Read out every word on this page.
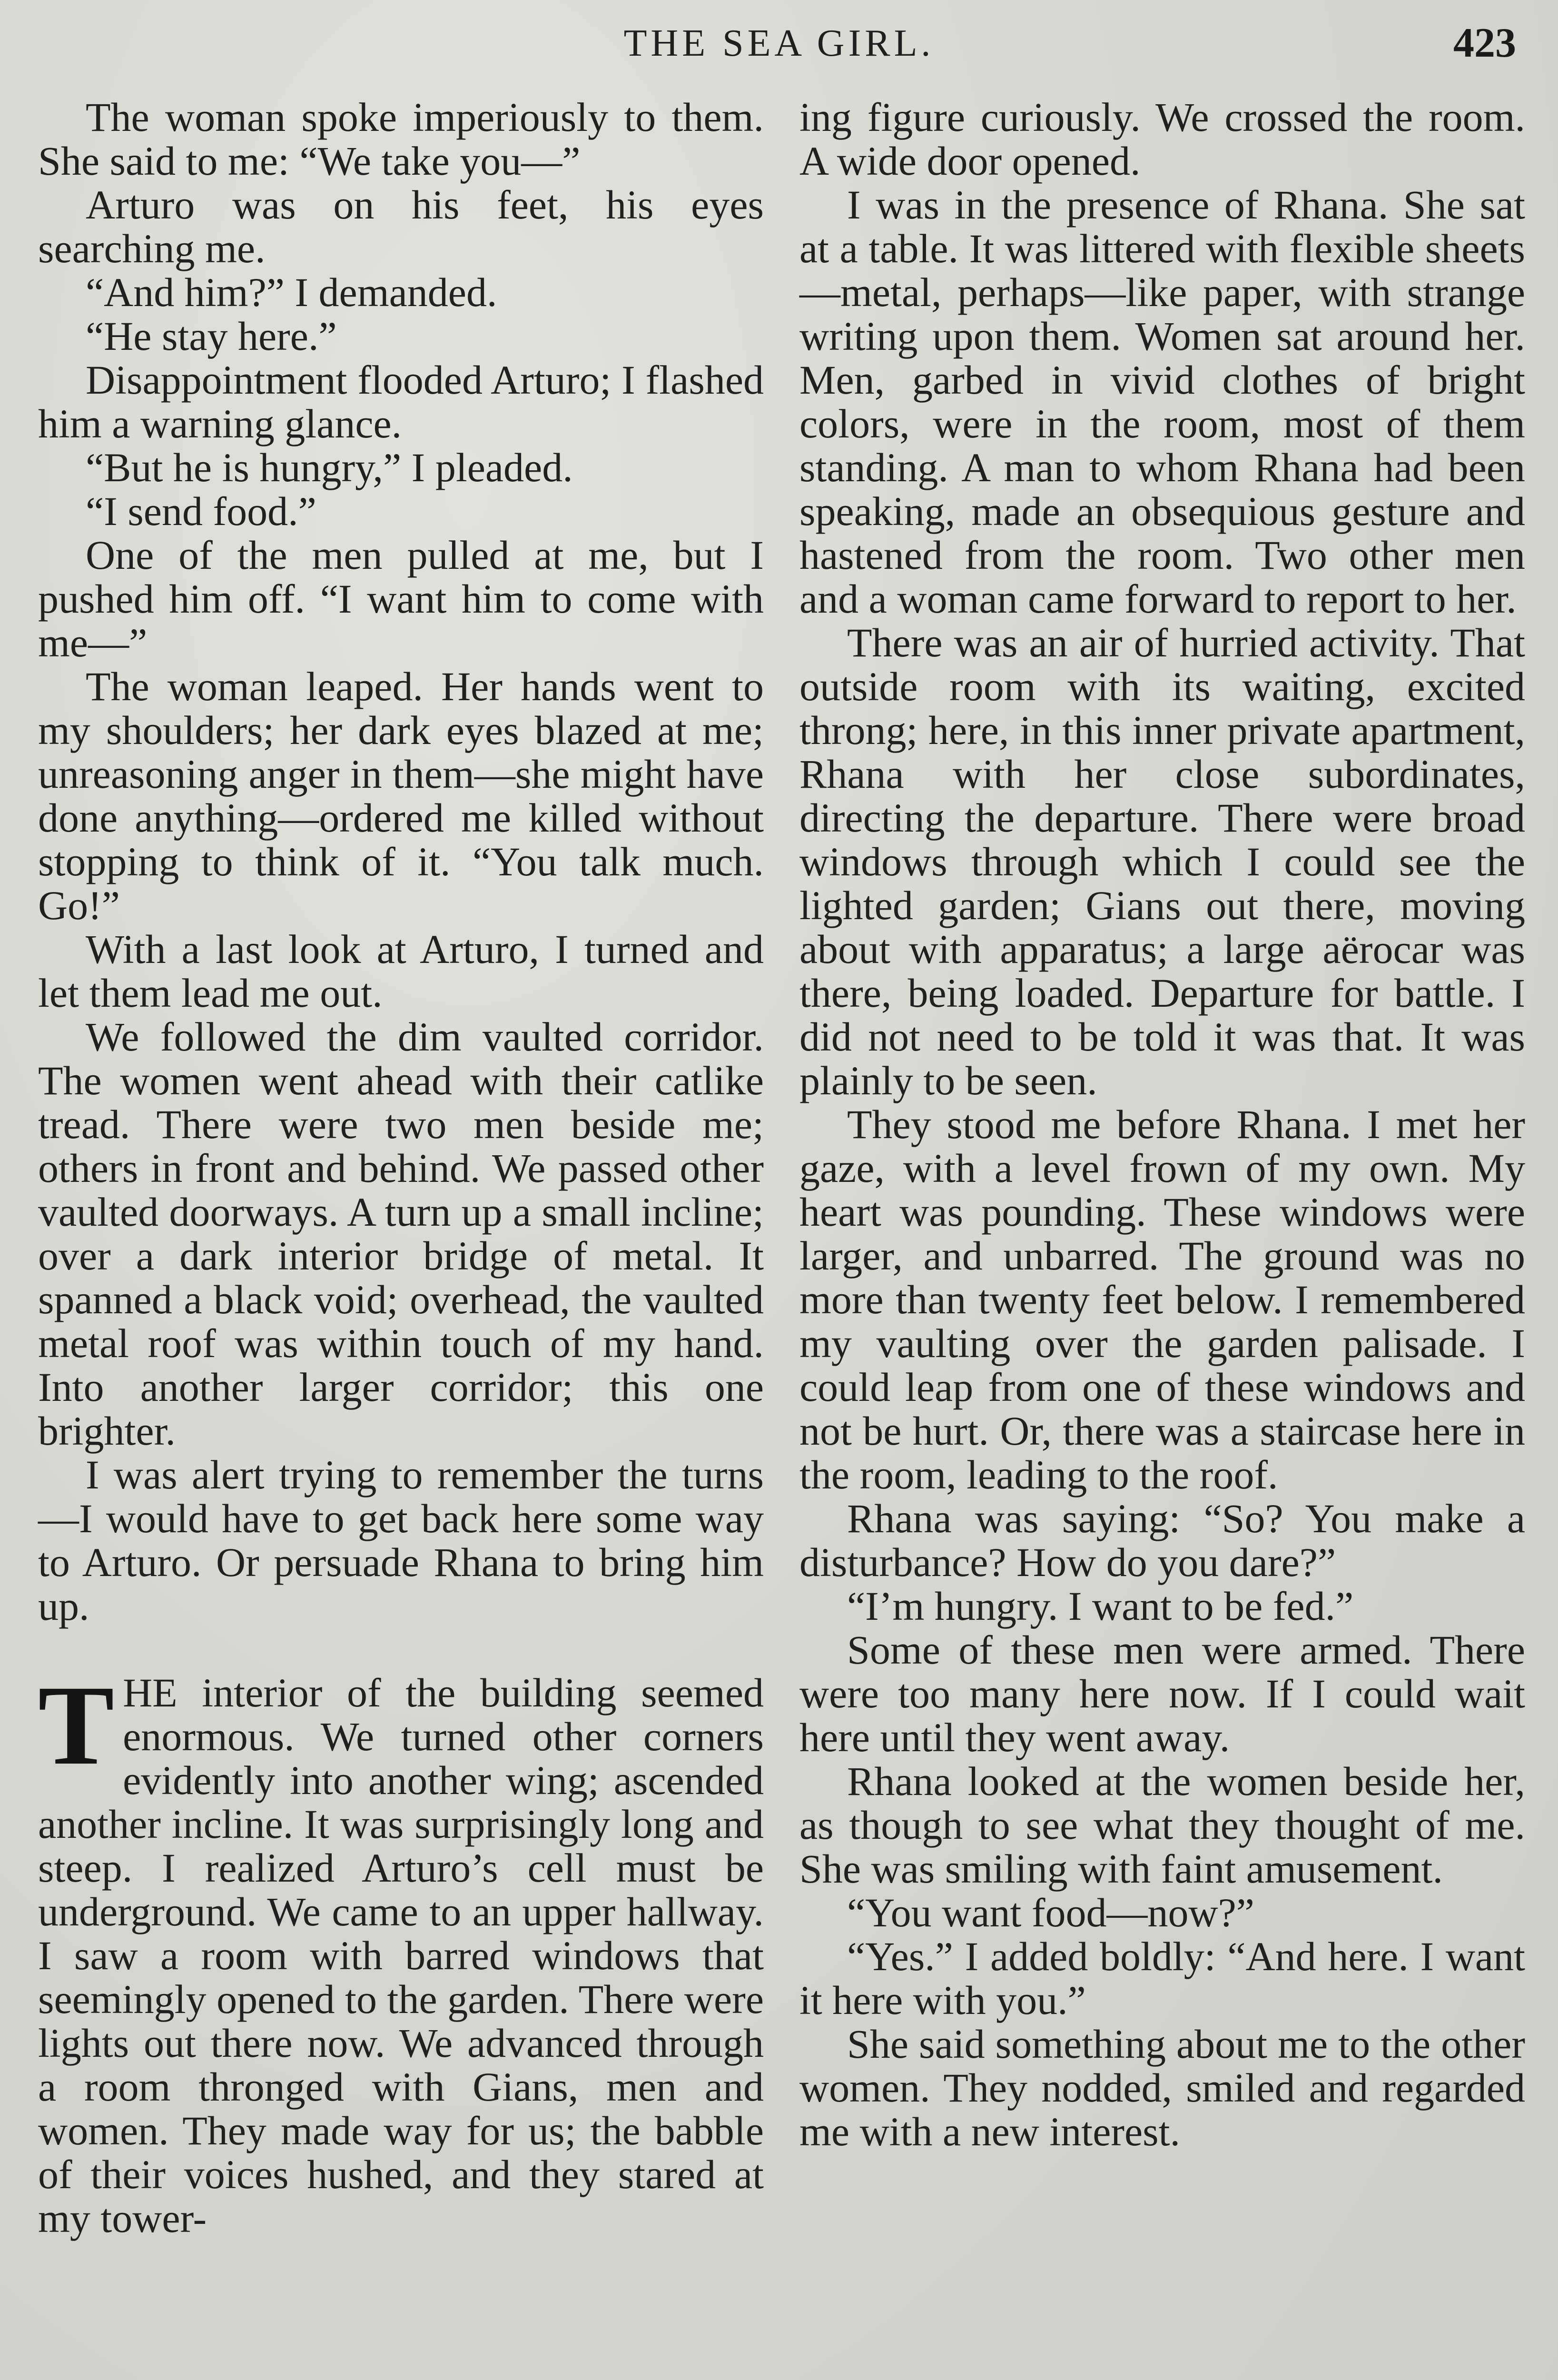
THE SEA GIRL.	423

The woman spoke imperiously to them. She said to me: “We take you—”

Arturo was on his feet, his eyes searching me.

“And him?” I demanded.

“He stay here.”

Disappointment flooded Arturo; I flashed him a warning glance.

“But he is hungry,” I pleaded.

“I send food.”

One of the men pulled at me, but I pushed him off. “I want him to come with me—”

The woman leaped. Her hands went to my shoulders; her dark eyes blazed at me; unreasoning anger in them—she might have done anything—ordered me killed without stopping to think of it. “You talk much. Go!”

With a last look at Arturo, I turned and let them lead me out.

We followed the dim vaulted corridor. The women went ahead with their catlike tread. There were two men beside me; others in front and behind. We passed other vaulted doorways. A turn up a small incline; over a dark interior bridge of metal. It spanned a black void; overhead, the vaulted metal roof was within touch of my hand. Into another larger corridor; this one brighter.

I was alert trying to remember the turns—I would have to get back here some way to Arturo. Or persuade Rhana to bring him up.

THE interior of the building seemed enormous. We turned other corners evidently into another wing; ascended another incline. It was surprisingly long and steep. I realized Arturo’s cell must be underground. We came to an upper hallway. I saw a room with barred windows that seemingly opened to the garden. There were lights out there now. We advanced through a room thronged with Gians, men and women. They made way for us; the babble of their voices hushed, and they stared at my tower-

ing figure curiously. We crossed the room. A wide door opened.

I was in the presence of Rhana. She sat at a table. It was littered with flexible sheets—metal, perhaps—like paper, with strange writing upon them. Women sat around her. Men, garbed in vivid clothes of bright colors, were in the room, most of them standing. A man to whom Rhana had been speaking, made an obsequious gesture and hastened from the room. Two other men and a woman came forward to report to her.

There was an air of hurried activity. That outside room with its waiting, excited throng; here, in this inner private apartment, Rhana with her close subordinates, directing the departure. There were broad windows through which I could see the lighted garden; Gians out there, moving about with apparatus; a large aërocar was there, being loaded. Departure for battle. I did not need to be told it was that. It was plainly to be seen.

They stood me before Rhana. I met her gaze, with a level frown of my own. My heart was pounding. These windows were larger, and unbarred. The ground was no more than twenty feet below. I remembered my vaulting over the garden palisade. I could leap from one of these windows and not be hurt. Or, there was a staircase here in the room, leading to the roof.

Rhana was saying: “So? You make a disturbance? How do you dare?”

“I’m hungry. I want to be fed.”

Some of these men were armed. There were too many here now. If I could wait here until they went away.

Rhana looked at the women beside her, as though to see what they thought of me. She was smiling with faint amusement.

“You want food—now?”

“Yes.” I added boldly: “And here. I want it here with you.”

She said something about me to the other women. They nodded, smiled and regarded me with a new interest.
